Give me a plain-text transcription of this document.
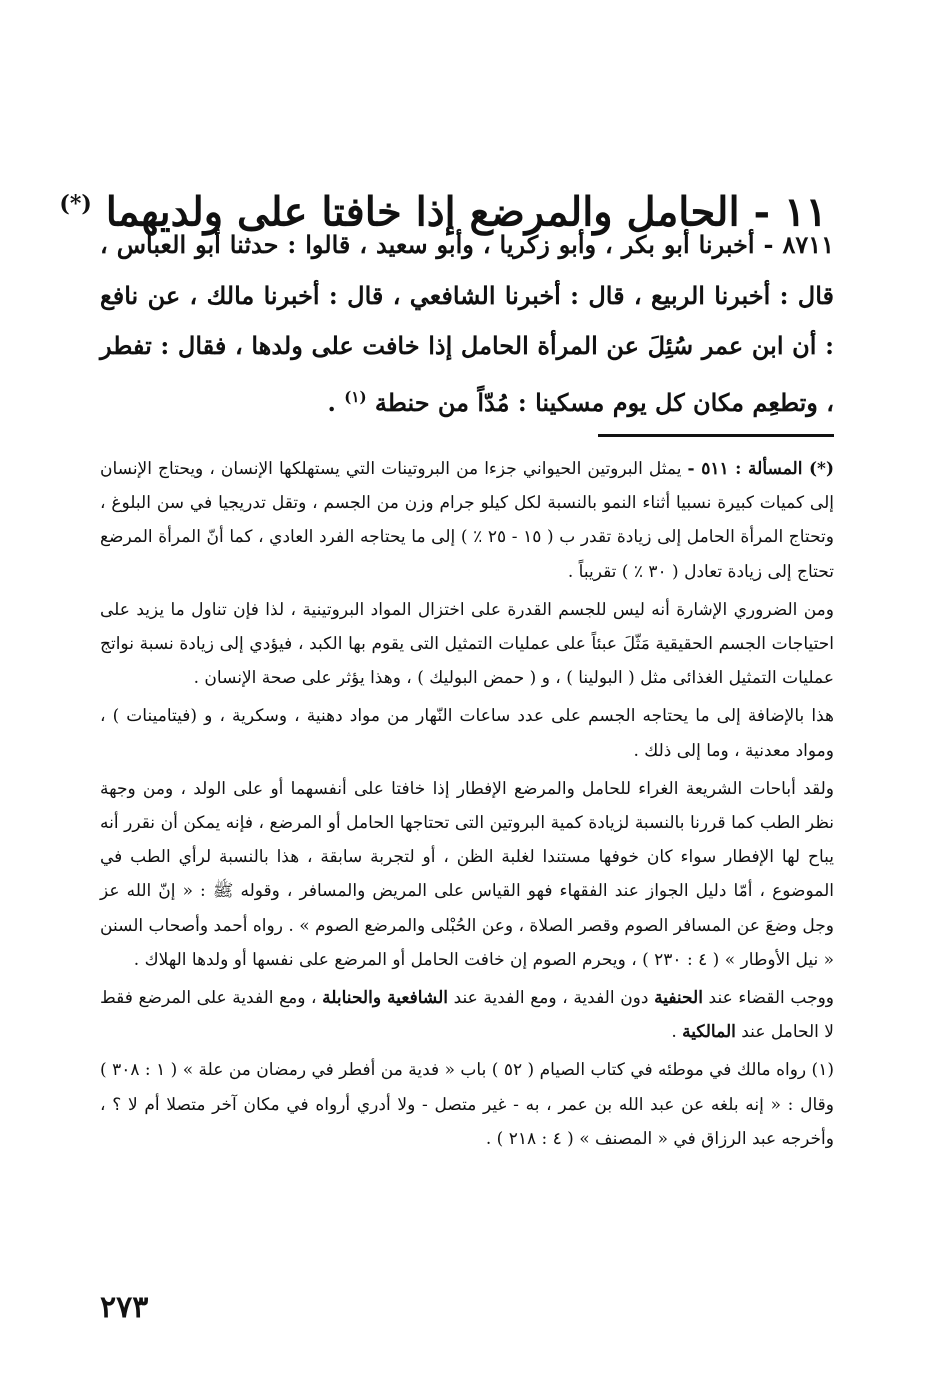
١١ - الحامل والمرضع إذا خافتا على ولديهما (*)
٨٧١١ - أخبرنا أبو بكر ، وأبو زكريا ، وأبو سعيد ، قالوا : حدثنا أبو العباس ، قال : أخبرنا الربيع ، قال : أخبرنا الشافعي ، قال : أخبرنا مالك ، عن نافع : أن ابن عمر سُئِلَ عن المرأة الحامل إذا خافت على ولدها ، فقال : تفطر ، وتطعِم مكان كل يوم مسكينا : مُدّاً من حنطة $^{(١)}$ .

(*) المسألة : ٥١١ - يمثل البروتين الحيواني جزءا من البروتينات التي يستهلكها الإنسان ، ويحتاج الإنسان إلى كميات كبيرة نسبيا أثناء النمو بالنسبة لكل كيلو جرام وزن من الجسم ، وتقل تدريجيا في سن البلوغ ، وتحتاج المرأة الحامل إلى زيادة تقدر ب ( ١٥ - ٢٥ ٪ ) إلى ما يحتاجه الفرد العادي ، كما أنّ المرأة المرضع تحتاج إلى زيادة تعادل ( ٣٠ ٪ ) تقريباً .

ومن الضروري الإشارة أنه ليس للجسم القدرة على اختزال المواد البروتينية ، لذا فإن تناول ما يزيد على احتياجات الجسم الحقيقية مَثّلَ عبئاً على عمليات التمثيل التى يقوم بها الكبد ، فيؤدي إلى زيادة نسبة نواتج عمليات التمثيل الغذائى مثل ( البولينا ) ، و ( حمض البوليك ) ، وهذا يؤثر على صحة الإنسان .

هذا بالإضافة إلى ما يحتاجه الجسم على عدد ساعات النّهار من مواد دهنية ، وسكرية ، و (فيتامينات ) ، ومواد معدنية ، وما إلى ذلك .

ولقد أباحات الشريعة الغراء للحامل والمرضع الإفطار إذا خافتا على أنفسهما أو على الولد ، ومن وجهة نظر الطب كما قررنا بالنسبة لزيادة كمية البروتين التى تحتاجها الحامل أو المرضع ، فإنه يمكن أن نقرر أنه يباح لها الإفطار سواء كان خوفها مستندا لغلبة الظن ، أو لتجربة سابقة ، هذا بالنسبة لرأي الطب في الموضوع ، أمّا دليل الجواز عند الفقهاء فهو القياس على المريض والمسافر ، وقوله ﷺ : « إنّ الله عز وجل وضعَ عن المسافر الصوم وقصر الصلاة ، وعن الحُبْلى والمرضع الصوم » . رواه أحمد وأصحاب السنن « نيل الأوطار » ( ٤ : ٢٣٠ ) ، ويحرم الصوم إن خافت الحامل أو المرضع على نفسها أو ولدها الهلاك .

ووجب القضاء عند الحنفية دون الفدية ، ومع الفدية عند الشافعية والحنابلة ، ومع الفدية على المرضع فقط لا الحامل عند المالكية .

(١) رواه مالك في موطئه في كتاب الصيام ( ٥٢ ) باب « فدية من أفطر في رمضان من علة » ( ١ : ٣٠٨ ) وقال : « إنه بلغه عن عبد الله بن عمر ، به - غير متصل - ولا أدري أرواه في مكان آخر متصلا أم لا ؟ ، وأخرجه عبد الرزاق في « المصنف » ( ٤ : ٢١٨ ) .

٢٧٣
